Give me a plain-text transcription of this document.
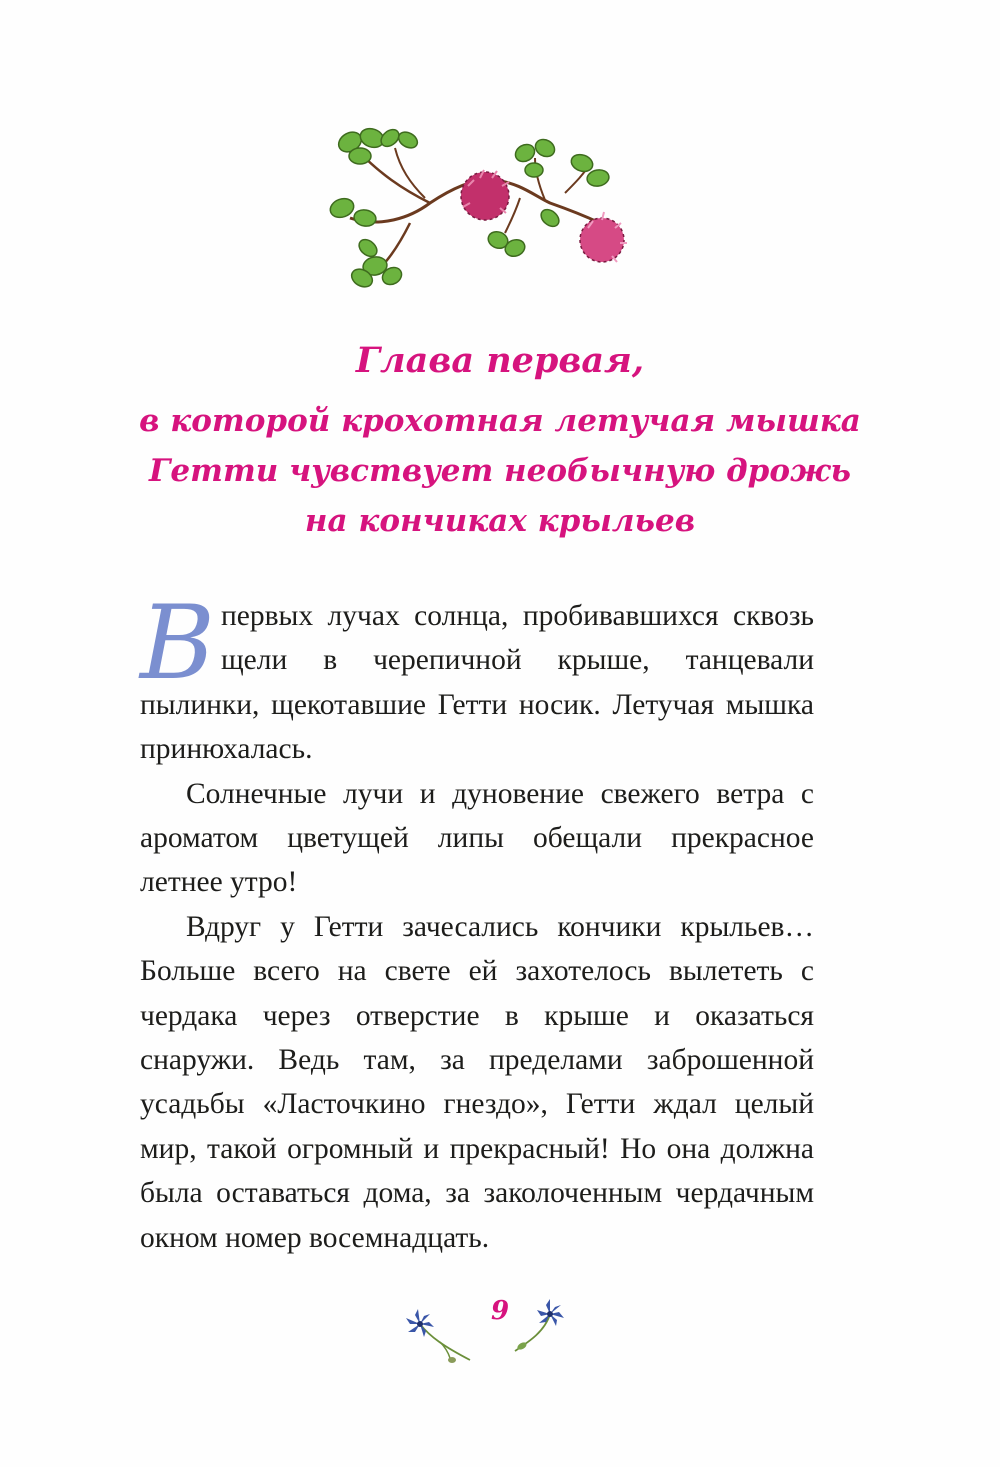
Глава первая,
в которой крохотная летучая мышка
Гетти чувствует необычную дрожь
на кончиках крыльев

Впервых лучах солнца, пробивавшихся сквозь щели в черепичной крыше, танцевали пылинки, щекотавшие Гетти носик. Летучая мышка принюхалась.

Солнечные лучи и дуновение свежего ветра с ароматом цветущей липы обещали прекрасное летнее утро!

Вдруг у Гетти зачесались кончики крыльев… Больше всего на свете ей захотелось вылететь с чердака через отверстие в крыше и оказаться снаружи. Ведь там, за пределами заброшенной усадьбы «Ласточкино гнездо», Гетти ждал целый мир, такой огромный и прекрасный! Но она должна была оставаться дома, за заколоченным чердачным окном номер восемнадцать.

9
